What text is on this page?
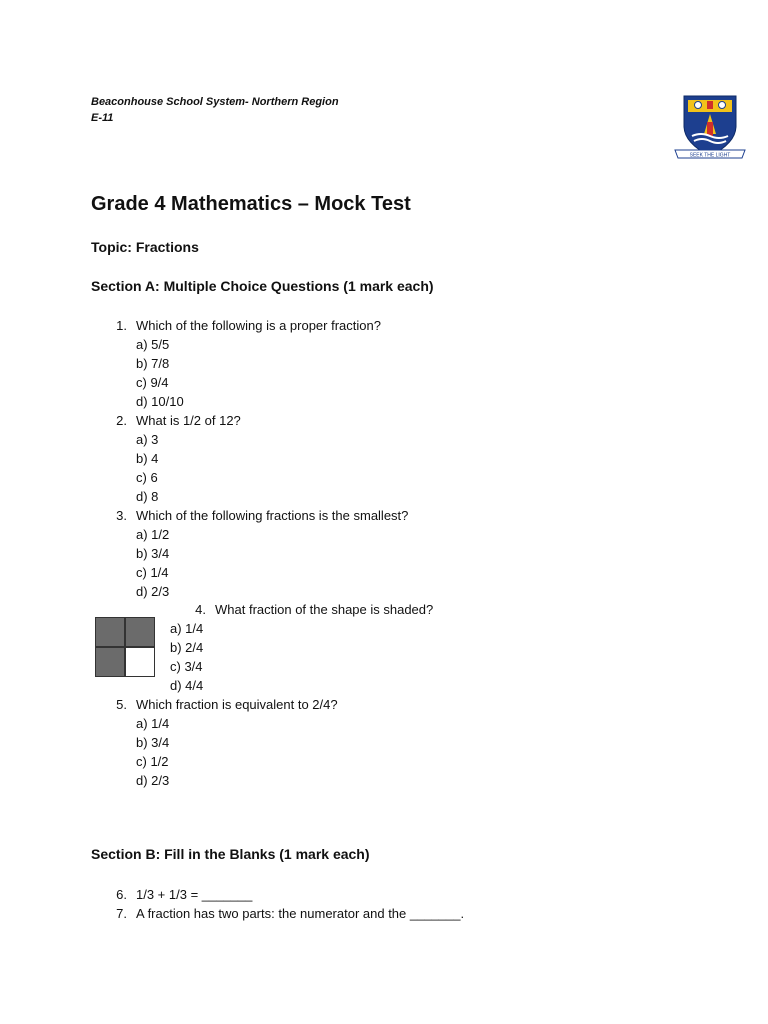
Beaconhouse School System- Northern Region
E-11
SEEK THE LIGHT
Grade 4 Mathematics – Mock Test
Topic: Fractions
Section A: Multiple Choice Questions (1 mark each)
1. Which of the following is a proper fraction?
a) 5/5
b) 7/8
c) 9/4
d) 10/10
2. What is 1/2 of 12?
a) 3
b) 4
c) 6
d) 8
3. Which of the following fractions is the smallest?
a) 1/2
b) 3/4
c) 1/4
d) 2/3
4. What fraction of the shape is shaded?
a) 1/4
b) 2/4
c) 3/4
d) 4/4
5. Which fraction is equivalent to 2/4?
a) 1/4
b) 3/4
c) 1/2
d) 2/3
Section B: Fill in the Blanks (1 mark each)
6. 1/3 + 1/3 = _______
7. A fraction has two parts: the numerator and the _______.
